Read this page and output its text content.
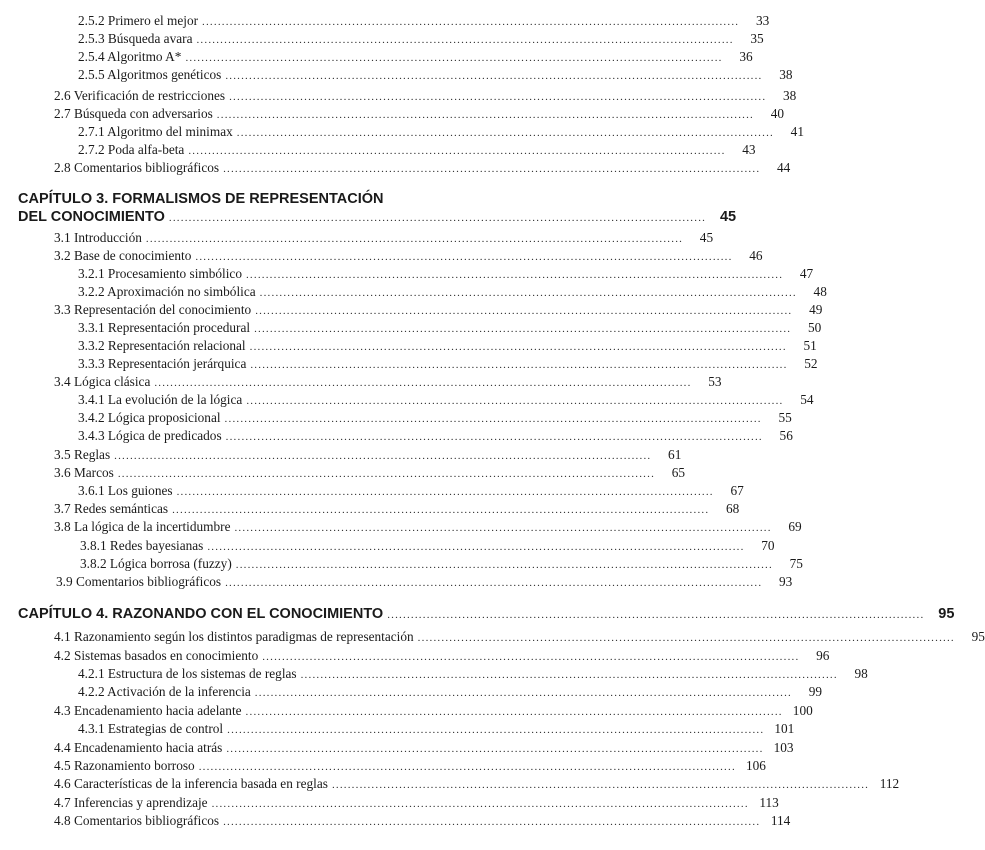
2.5.2 Primero el mejor ........................................................................................................................................	33
2.5.3 Búsqueda avara ........................................................................................................................................	35
2.5.4 Algoritmo A* ........................................................................................................................................	36
2.5.5 Algoritmos genéticos ........................................................................................................................................	38
2.6 Verificación de restricciones ........................................................................................................................................	38
2.7 Búsqueda con adversarios ........................................................................................................................................	40
2.7.1 Algoritmo del minimax ........................................................................................................................................	41
2.7.2 Poda alfa-beta ........................................................................................................................................	43
2.8 Comentarios bibliográficos ........................................................................................................................................	44
CAPÍTULO 3. FORMALISMOS DE REPRESENTACIÓN
DEL CONOCIMIENTO ........................................................................................................................................ 45
3.1 Introducción ........................................................................................................................................	45
3.2 Base de conocimiento ........................................................................................................................................	46
3.2.1 Procesamiento simbólico ........................................................................................................................................	47
3.2.2 Aproximación no simbólica ........................................................................................................................................	48
3.3 Representación del conocimiento ........................................................................................................................................	49
3.3.1 Representación procedural ........................................................................................................................................	50
3.3.2 Representación relacional ........................................................................................................................................	51
3.3.3 Representación jerárquica ........................................................................................................................................	52
3.4 Lógica clásica ........................................................................................................................................	53
3.4.1 La evolución de la lógica ........................................................................................................................................	54
3.4.2 Lógica proposicional ........................................................................................................................................	55
3.4.3 Lógica de predicados ........................................................................................................................................	56
3.5 Reglas ........................................................................................................................................	61
3.6 Marcos ........................................................................................................................................	65
3.6.1 Los guiones ........................................................................................................................................	67
3.7 Redes semánticas ........................................................................................................................................	68
3.8 La lógica de la incertidumbre ........................................................................................................................................	69
3.8.1 Redes bayesianas ........................................................................................................................................	70
3.8.2 Lógica borrosa (fuzzy) ........................................................................................................................................	75
3.9 Comentarios bibliográficos ........................................................................................................................................	93
CAPÍTULO 4. RAZONANDO CON EL CONOCIMIENTO ........................................................................................................................................ 95
4.1 Razonamiento según los distintos paradigmas de representación ........................................................................................................................................	95
4.2 Sistemas basados en conocimiento ........................................................................................................................................	96
4.2.1 Estructura de los sistemas de reglas ........................................................................................................................................	98
4.2.2 Activación de la inferencia ........................................................................................................................................	99
4.3 Encadenamiento hacia adelante ........................................................................................................................................ 100
4.3.1 Estrategias de control ........................................................................................................................................ 101
4.4 Encadenamiento hacia atrás ........................................................................................................................................ 103
4.5 Razonamiento borroso ........................................................................................................................................ 106
4.6 Características de la inferencia basada en reglas ........................................................................................................................................ 112
4.7 Inferencias y aprendizaje ........................................................................................................................................ 113
4.8 Comentarios bibliográficos ........................................................................................................................................ 114
